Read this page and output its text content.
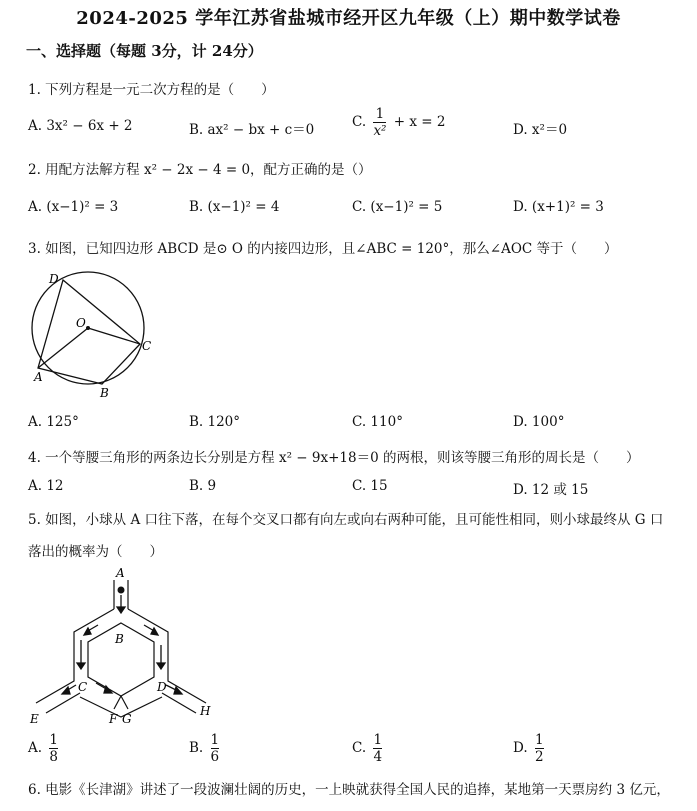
2024-2025 学年江苏省盐城市经开区九年级（上）期中数学试卷
一、选择题（每题 3分，计 24分）
1. 下列方程是一元二次方程的是（　　）
A. 3x² − 6x + 2	B. ax² − bx + c＝0	C. $\frac{1}{\text{x²}} + x = 2$	D. x²＝0
2. 用配方法解方程 x² − 2x − 4 = 0，配方正确的是（）
A. (x−1)² = 3	B. (x−1)² = 4	C. (x−1)² = 5	D. (x+1)² = 3
3. 如图，已知四边形 ABCD 是⊙ O 的内接四边形，且∠ABC = 120°，那么∠AOC 等于（　　）
D
O
C
A
B
A. 125°	B. 120°	C. 110°	D. 100°
4. 一个等腰三角形的两条边长分别是方程 x² − 9x+18＝0 的两根，则该等腰三角形的周长是（　　）
A. 12	B. 9	C. 15	D. 12 或 15
5. 如图，小球从 A 口往下落，在每个交叉口都有向左或向右两种可能，且可能性相同，则小球最终从 G 口
落出的概率为（　　）
A
B
C	D
E	F G
H
A. $\frac{1}{8}$	B. $\frac{1}{6}$	C. $\frac{1}{4}$	D. $\frac{1}{2}$
6. 电影《长津湖》讲述了一段波澜壮阔的历史，一上映就获得全国人民的追捧，某地第一天票房约 3 亿元，
